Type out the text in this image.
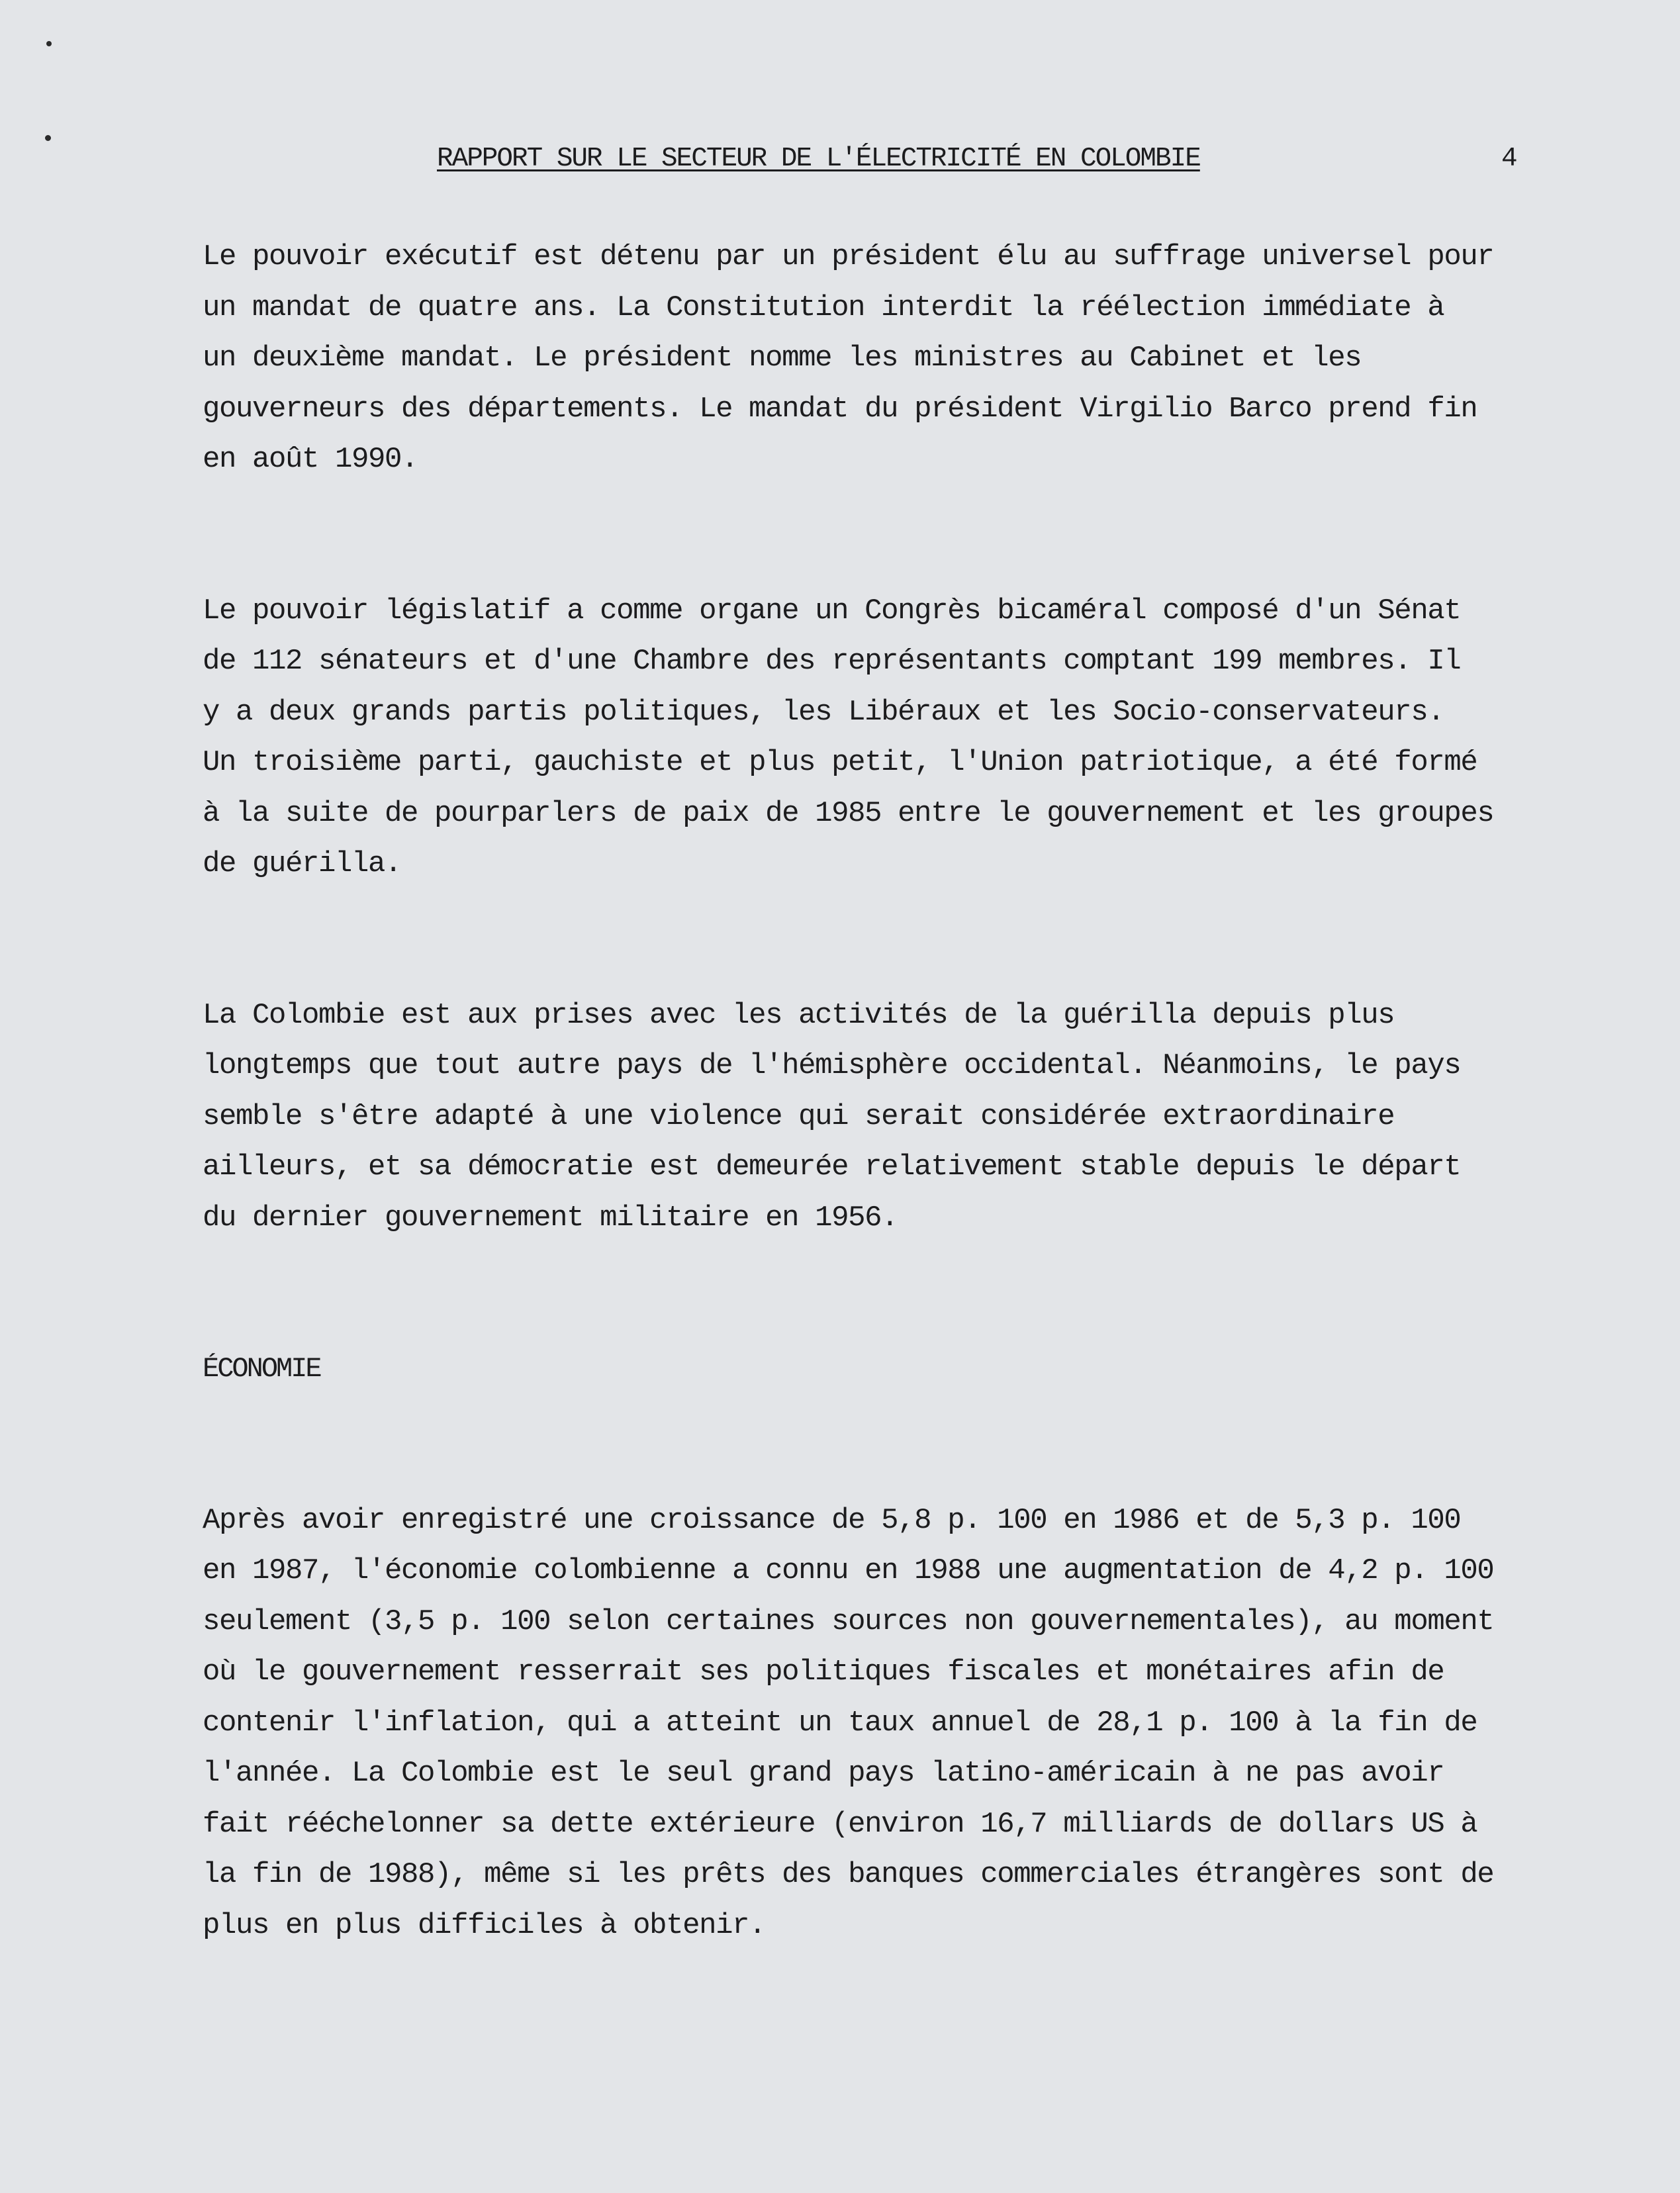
RAPPORT SUR LE SECTEUR DE L'ÉLECTRICITÉ EN COLOMBIE	4

Le pouvoir exécutif est détenu par un président élu au suffrage universel pour
un mandat de quatre ans. La Constitution interdit la réélection immédiate à
un deuxième mandat. Le président nomme les ministres au Cabinet et les
gouverneurs des départements. Le mandat du président Virgilio Barco prend fin
en août 1990.

Le pouvoir législatif a comme organe un Congrès bicaméral composé d'un Sénat
de 112 sénateurs et d'une Chambre des représentants comptant 199 membres. Il
y a deux grands partis politiques, les Libéraux et les Socio-conservateurs.
Un troisième parti, gauchiste et plus petit, l'Union patriotique, a été formé
à la suite de pourparlers de paix de 1985 entre le gouvernement et les groupes
de guérilla.

La Colombie est aux prises avec les activités de la guérilla depuis plus
longtemps que tout autre pays de l'hémisphère occidental. Néanmoins, le pays
semble s'être adapté à une violence qui serait considérée extraordinaire
ailleurs, et sa démocratie est demeurée relativement stable depuis le départ
du dernier gouvernement militaire en 1956.

ÉCONOMIE

Après avoir enregistré une croissance de 5,8 p. 100 en 1986 et de 5,3 p. 100
en 1987, l'économie colombienne a connu en 1988 une augmentation de 4,2 p. 100
seulement (3,5 p. 100 selon certaines sources non gouvernementales), au moment
où le gouvernement resserrait ses politiques fiscales et monétaires afin de
contenir l'inflation, qui a atteint un taux annuel de 28,1 p. 100 à la fin de
l'année. La Colombie est le seul grand pays latino-américain à ne pas avoir
fait rééchelonner sa dette extérieure (environ 16,7 milliards de dollars US à
la fin de 1988), même si les prêts des banques commerciales étrangères sont de
plus en plus difficiles à obtenir.
